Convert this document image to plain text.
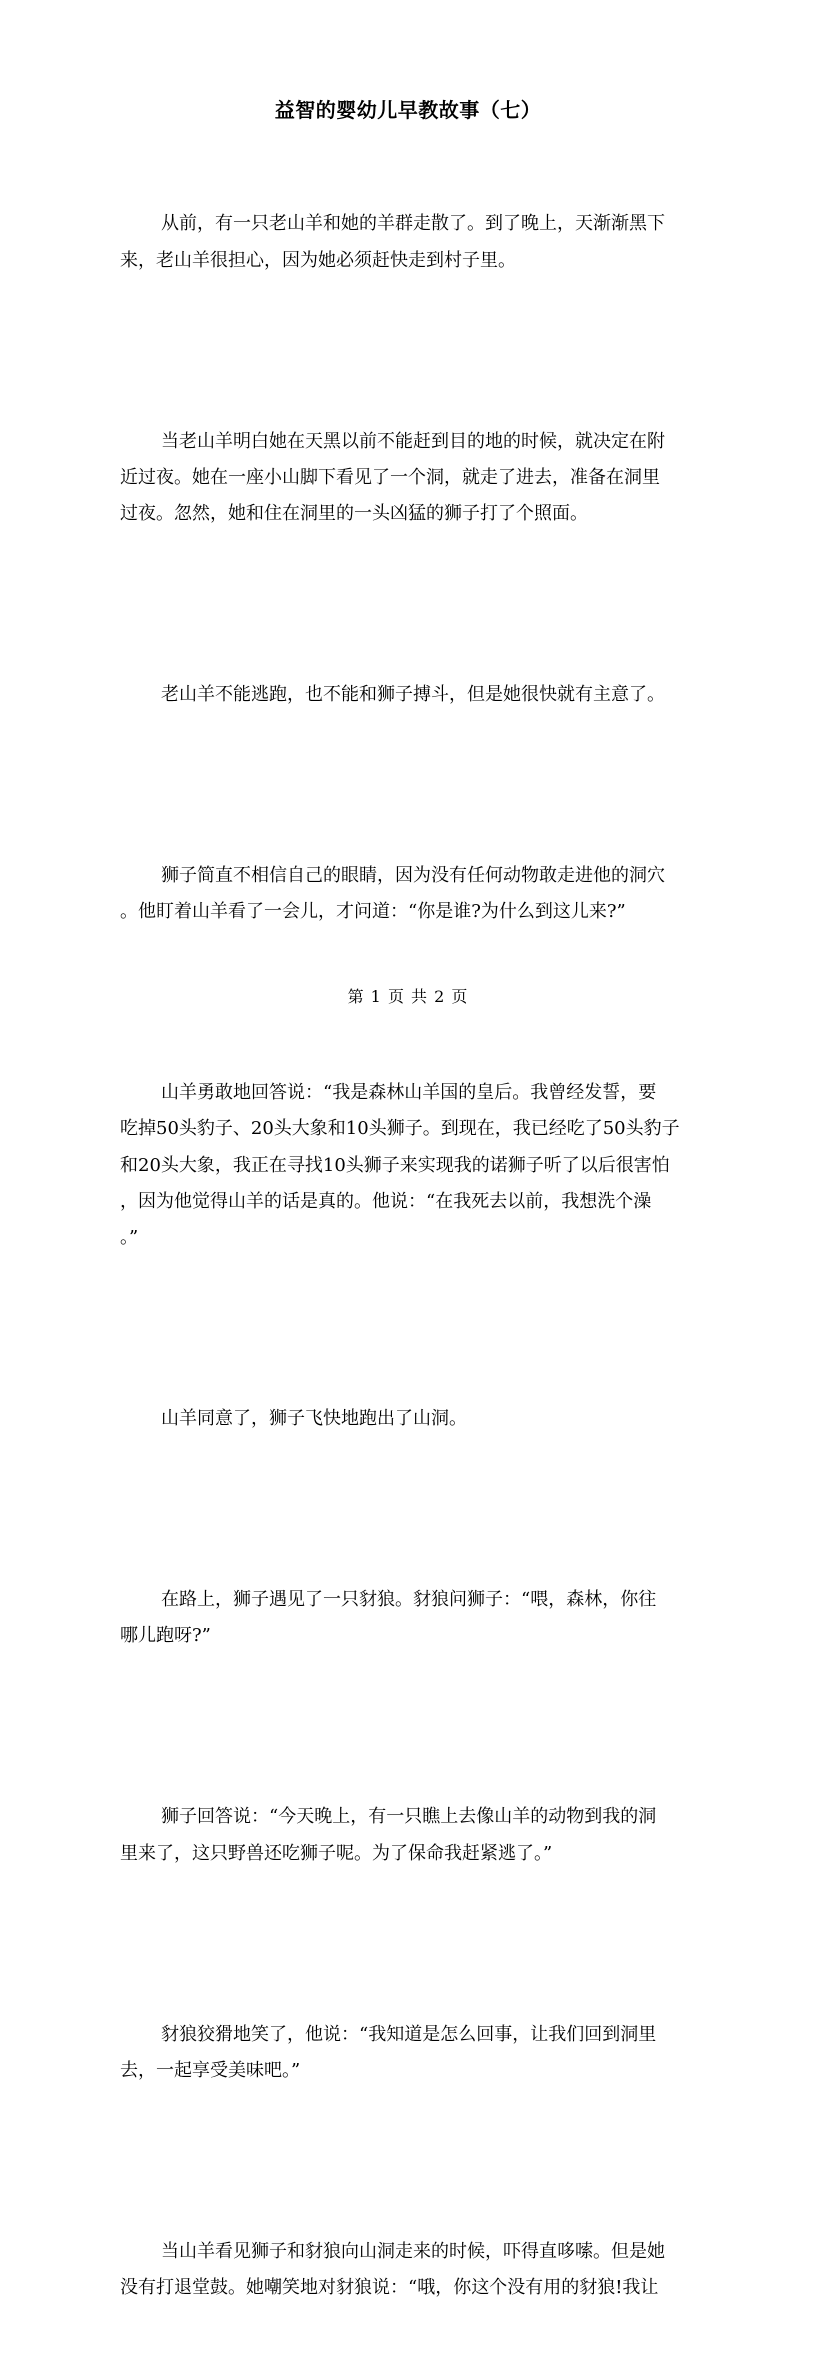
益智的婴幼儿早教故事（七）

从前，有一只老山羊和她的羊群走散了。到了晚上，天渐渐黑下
来，老山羊很担心，因为她必须赶快走到村子里。

当老山羊明白她在天黑以前不能赶到目的地的时候，就决定在附
近过夜。她在一座小山脚下看见了一个洞，就走了进去，准备在洞里
过夜。忽然，她和住在洞里的一头凶猛的狮子打了个照面。

老山羊不能逃跑，也不能和狮子搏斗，但是她很快就有主意了。

狮子简直不相信自己的眼睛，因为没有任何动物敢走进他的洞穴
。他盯着山羊看了一会儿，才问道：“你是谁?为什么到这儿来?”

山羊勇敢地回答说：“我是森林山羊国的皇后。我曾经发誓，要
吃掉50头豹子、20头大象和10头狮子。到现在，我已经吃了50头豹子
和20头大象，我正在寻找10头狮子来实现我的诺狮子听了以后很害怕
，因为他觉得山羊的话是真的。他说：“在我死去以前，我想洗个澡
。”

山羊同意了，狮子飞快地跑出了山洞。

在路上，狮子遇见了一只豺狼。豺狼问狮子：“喂，森林，你往
哪儿跑呀?”

狮子回答说：“今天晚上，有一只瞧上去像山羊的动物到我的洞
里来了，这只野兽还吃狮子呢。为了保命我赶紧逃了。”

豺狼狡猾地笑了，他说：“我知道是怎么回事，让我们回到洞里
去，一起享受美味吧。”

当山羊看见狮子和豺狼向山洞走来的时候，吓得直哆嗦。但是她
没有打退堂鼓。她嘲笑地对豺狼说：“哦，你这个没有用的豺狼!我让

第 1 页 共 2 页
